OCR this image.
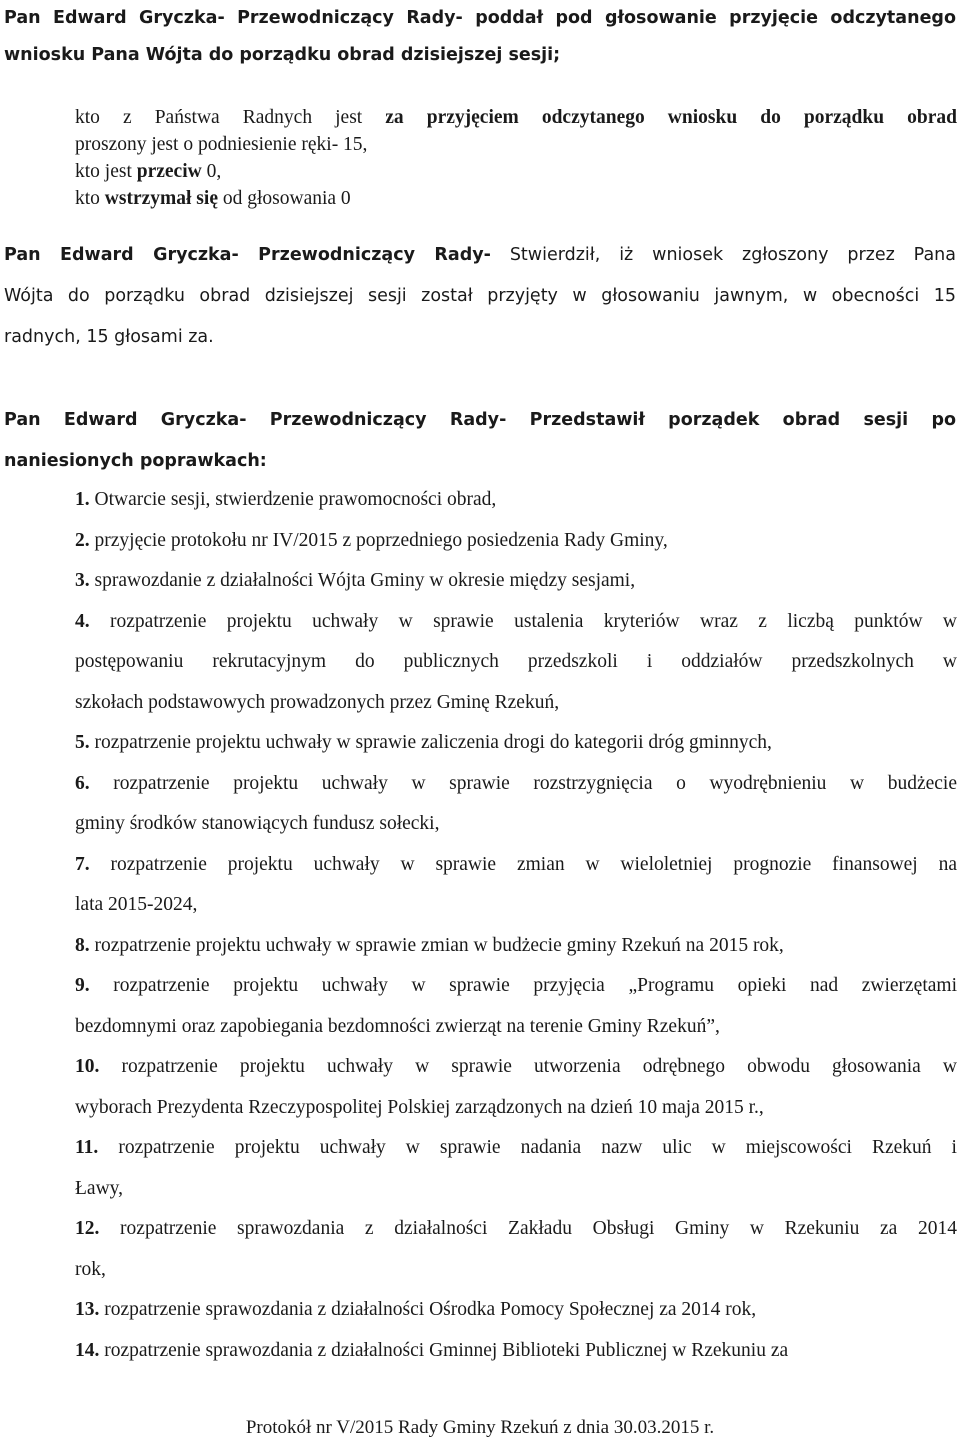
Pan Edward Gryczka- Przewodniczący Rady- poddał pod głosowanie przyjęcie odczytanego
wniosku Pana Wójta do porządku obrad dzisiejszej sesji;
kto z Państwa Radnych jest za przyjęciem odczytanego wniosku do porządku obrad
proszony jest o podniesienie ręki- 15,
kto jest przeciw 0,
kto wstrzymał się od głosowania 0
Pan Edward Gryczka- Przewodniczący Rady- Stwierdził, iż wniosek zgłoszony przez Pana
Wójta do porządku obrad dzisiejszej sesji został przyjęty w głosowaniu jawnym, w obecności 15
radnych, 15 głosami za.
Pan Edward Gryczka- Przewodniczący Rady- Przedstawił porządek obrad sesji po
naniesionych poprawkach:
1. Otwarcie sesji, stwierdzenie prawomocności obrad,
2. przyjęcie protokołu nr IV/2015 z poprzedniego posiedzenia Rady Gminy,
3. sprawozdanie z działalności Wójta Gminy w okresie między sesjami,
4. rozpatrzenie projektu uchwały w sprawie ustalenia kryteriów wraz z liczbą punktów w
postępowaniu rekrutacyjnym do publicznych przedszkoli i oddziałów przedszkolnych w
szkołach podstawowych prowadzonych przez Gminę Rzekuń,
5. rozpatrzenie projektu uchwały w sprawie zaliczenia drogi do kategorii dróg gminnych,
6. rozpatrzenie projektu uchwały w sprawie rozstrzygnięcia o wyodrębnieniu w budżecie
gminy środków stanowiących fundusz sołecki,
7. rozpatrzenie projektu uchwały w sprawie zmian w wieloletniej prognozie finansowej na
lata 2015-2024,
8. rozpatrzenie projektu uchwały w sprawie zmian w budżecie gminy Rzekuń na 2015 rok,
9. rozpatrzenie projektu uchwały w sprawie przyjęcia „Programu opieki nad zwierzętami
bezdomnymi oraz zapobiegania bezdomności zwierząt na terenie Gminy Rzekuń”,
10. rozpatrzenie projektu uchwały w sprawie utworzenia odrębnego obwodu głosowania w
wyborach Prezydenta Rzeczypospolitej Polskiej zarządzonych na dzień 10 maja 2015 r.,
11. rozpatrzenie projektu uchwały w sprawie nadania nazw ulic w miejscowości Rzekuń i
Ławy,
12. rozpatrzenie sprawozdania z działalności Zakładu Obsługi Gminy w Rzekuniu za 2014
rok,
13. rozpatrzenie sprawozdania z działalności Ośrodka Pomocy Społecznej za 2014 rok,
14. rozpatrzenie sprawozdania z działalności Gminnej Biblioteki Publicznej w Rzekuniu za
Protokół nr V/2015 Rady Gminy Rzekuń z dnia 30.03.2015 r.
